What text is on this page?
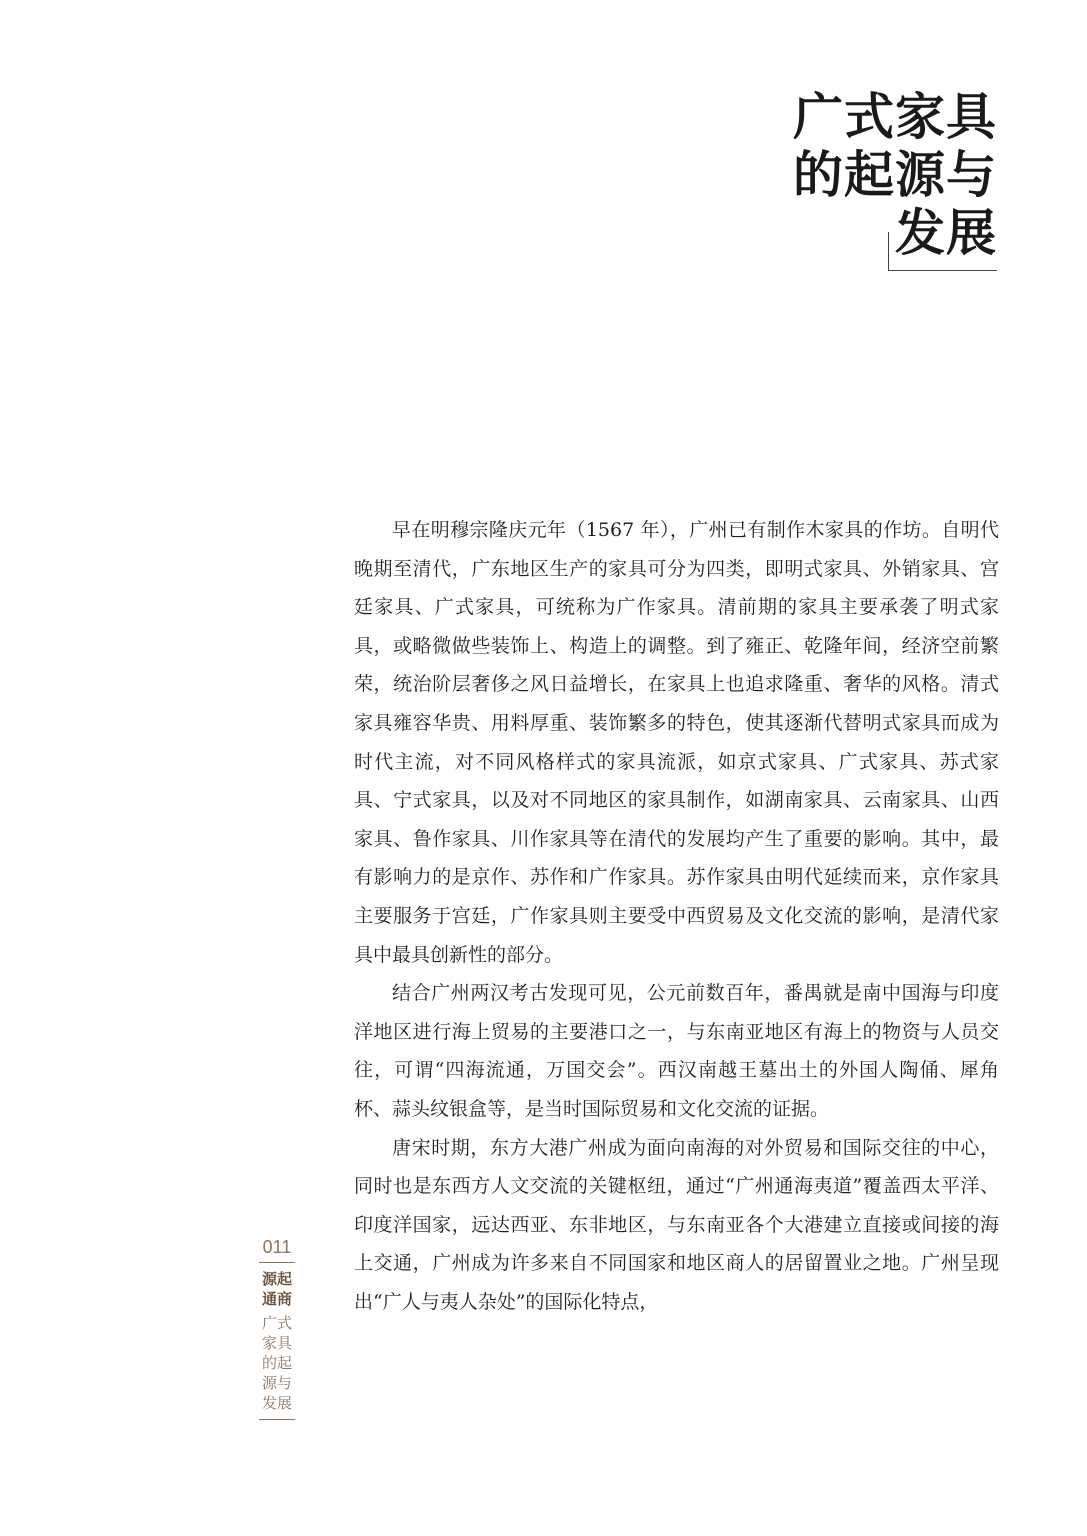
广式家具
的起源与
发展

早在明穆宗隆庆元年（1567 年），广州已有制作木家具的作坊。自明代晚期至清代，广东地区生产的家具可分为四类，即明式家具、外销家具、宫廷家具、广式家具，可统称为广作家具。清前期的家具主要承袭了明式家具，或略微做些装饰上、构造上的调整。到了雍正、乾隆年间，经济空前繁荣，统治阶层奢侈之风日益增长，在家具上也追求隆重、奢华的风格。清式家具雍容华贵、用料厚重、装饰繁多的特色，使其逐渐代替明式家具而成为时代主流，对不同风格样式的家具流派，如京式家具、广式家具、苏式家具、宁式家具，以及对不同地区的家具制作，如湖南家具、云南家具、山西家具、鲁作家具、川作家具等在清代的发展均产生了重要的影响。其中，最有影响力的是京作、苏作和广作家具。苏作家具由明代延续而来，京作家具主要服务于宫廷，广作家具则主要受中西贸易及文化交流的影响，是清代家具中最具创新性的部分。

结合广州两汉考古发现可见，公元前数百年，番禺就是南中国海与印度洋地区进行海上贸易的主要港口之一，与东南亚地区有海上的物资与人员交往，可谓“四海流通，万国交会”。西汉南越王墓出土的外国人陶俑、犀角杯、蒜头纹银盒等，是当时国际贸易和文化交流的证据。

唐宋时期，东方大港广州成为面向南海的对外贸易和国际交往的中心，同时也是东西方人文交流的关键枢纽，通过“广州通海夷道”覆盖西太平洋、印度洋国家，远达西亚、东非地区，与东南亚各个大港建立直接或间接的海上交通，广州成为许多来自不同国家和地区商人的居留置业之地。广州呈现出“广人与夷人杂处”的国际化特点，

011
源起通商
广式家具的起源与发展
